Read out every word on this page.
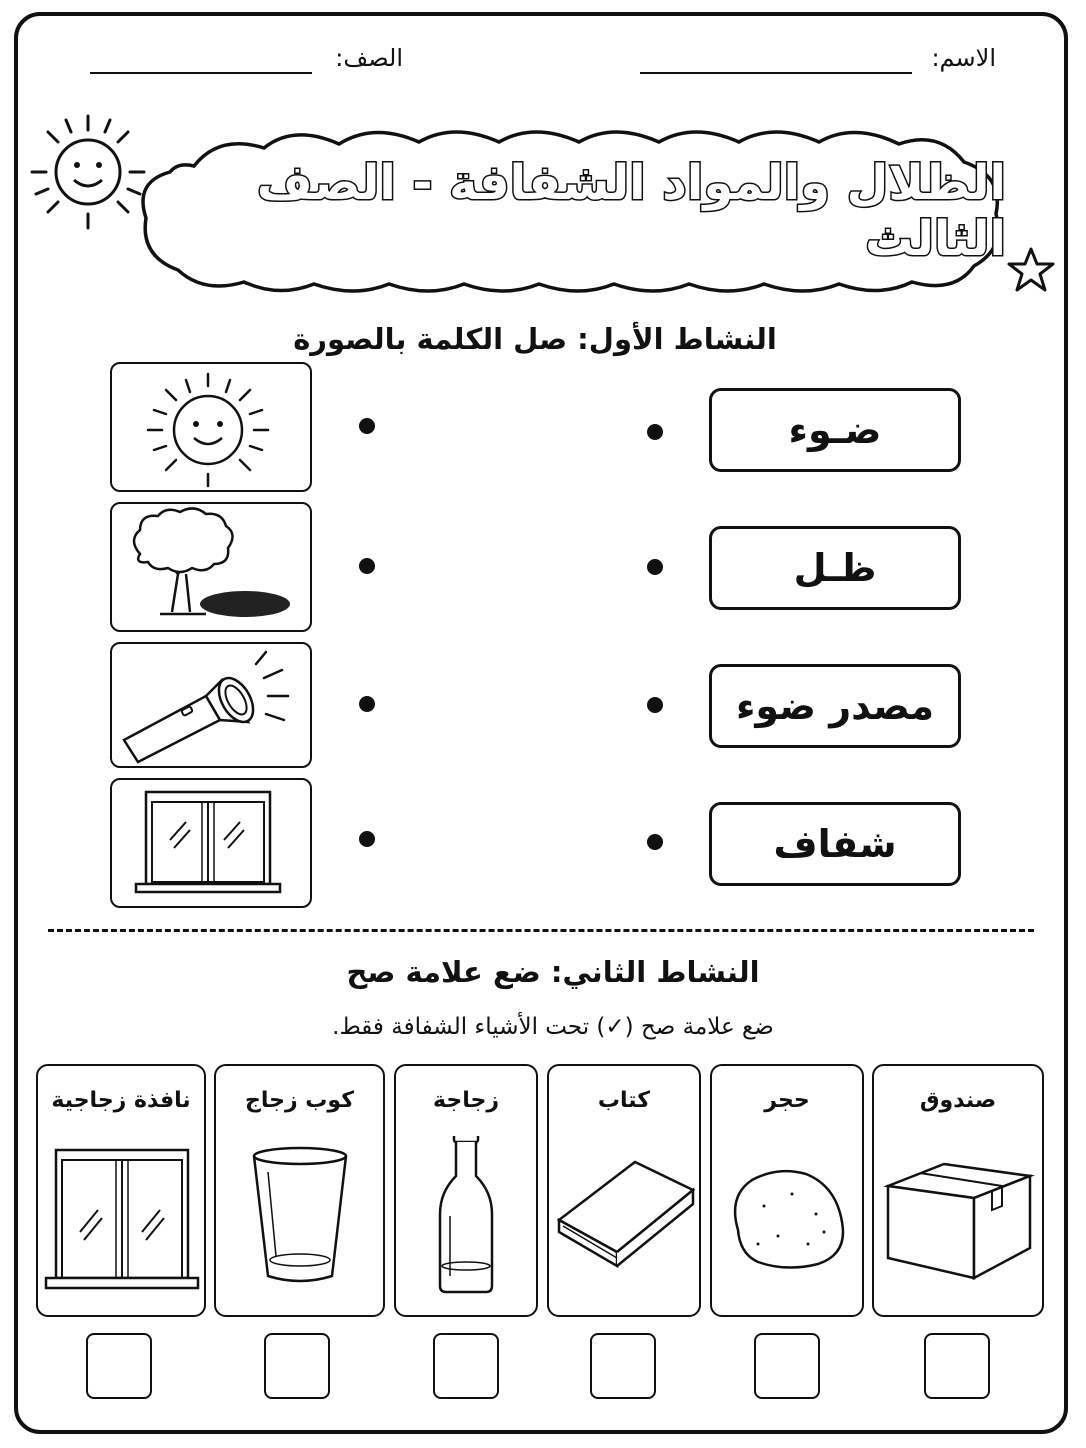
الاسم:
الصف:
الظلال والمواد الشفافة - الصف الثالث
النشاط الأول: صل الكلمة بالصورة
ضـوء
ظـل
مصدر ضوء
شفاف
النشاط الثاني: ضع علامة صح
ضع علامة صح (✓) تحت الأشياء الشفافة فقط.
صندوق
حجر
كتاب
زجاجة
كوب زجاج
نافذة زجاجية
